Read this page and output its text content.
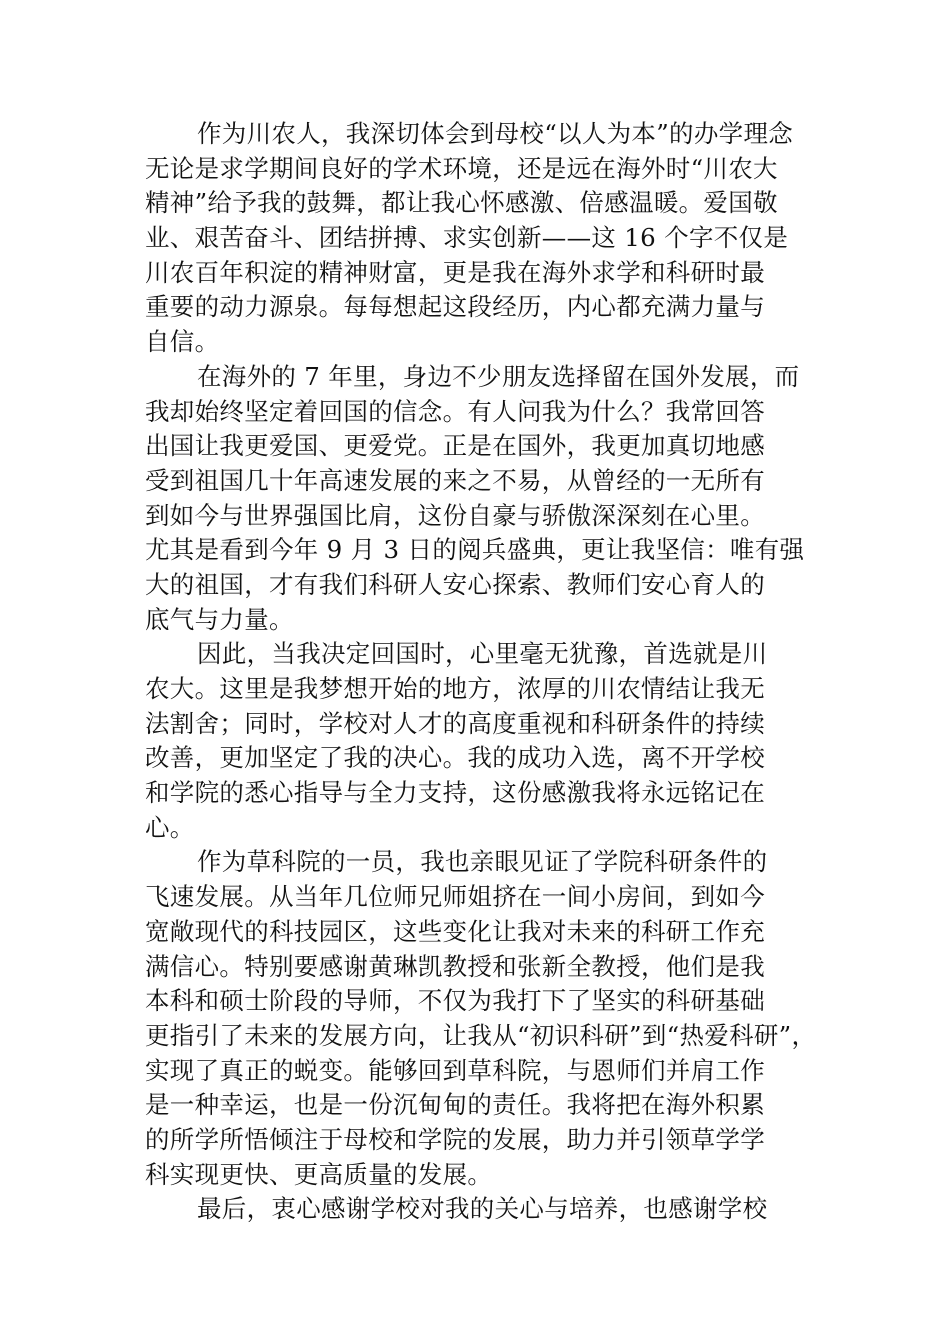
作为川农人，我深切体会到母校“以人为本”的办学理念
无论是求学期间良好的学术环境，还是远在海外时“川农大
精神”给予我的鼓舞，都让我心怀感激、倍感温暖。爱国敬
业、艰苦奋斗、团结拼搏、求实创新——这 16 个字不仅是
川农百年积淀的精神财富，更是我在海外求学和科研时最
重要的动力源泉。每每想起这段经历，内心都充满力量与
自信。
在海外的 7 年里，身边不少朋友选择留在国外发展，而
我却始终坚定着回国的信念。有人问我为什么？我常回答
出国让我更爱国、更爱党。正是在国外，我更加真切地感
受到祖国几十年高速发展的来之不易，从曾经的一无所有
到如今与世界强国比肩，这份自豪与骄傲深深刻在心里。
尤其是看到今年 9 月 3 日的阅兵盛典，更让我坚信：唯有强
大的祖国，才有我们科研人安心探索、教师们安心育人的
底气与力量。
因此，当我决定回国时，心里毫无犹豫，首选就是川
农大。这里是我梦想开始的地方，浓厚的川农情结让我无
法割舍；同时，学校对人才的高度重视和科研条件的持续
改善，更加坚定了我的决心。我的成功入选，离不开学校
和学院的悉心指导与全力支持，这份感激我将永远铭记在
心。
作为草科院的一员，我也亲眼见证了学院科研条件的
飞速发展。从当年几位师兄师姐挤在一间小房间，到如今
宽敞现代的科技园区，这些变化让我对未来的科研工作充
满信心。特别要感谢黄琳凯教授和张新全教授，他们是我
本科和硕士阶段的导师，不仅为我打下了坚实的科研基础
更指引了未来的发展方向，让我从“初识科研”到“热爱科研”，
实现了真正的蜕变。能够回到草科院，与恩师们并肩工作
是一种幸运，也是一份沉甸甸的责任。我将把在海外积累
的所学所悟倾注于母校和学院的发展，助力并引领草学学
科实现更快、更高质量的发展。
最后，衷心感谢学校对我的关心与培养，也感谢学校
